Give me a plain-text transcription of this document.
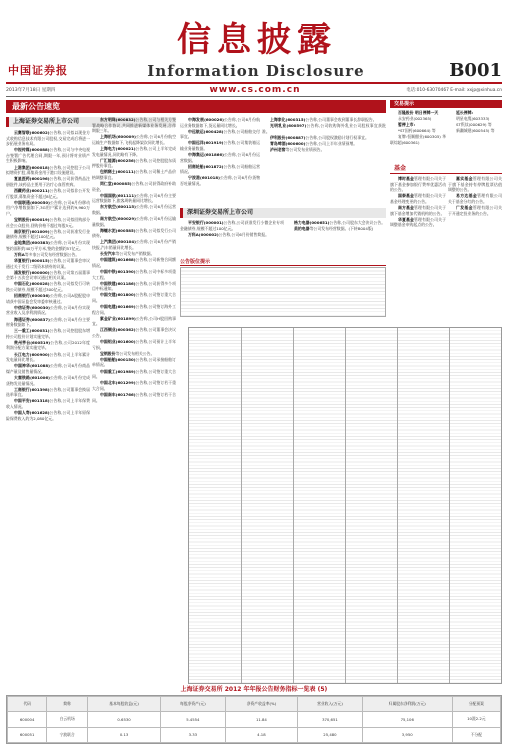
中国证券报
信息披露
Information Disclosure	B001
2013年7月18日 星期四	www.cs.com.cn	电话:010-63070467 E-mail: xxjp@xinhua.cn
最新公告速览
上海证券交易所上市公司

云赛智联(600602)公告称,公司拟以现金方式收购信息技术有限公司股权,交易完成后将进一步拓展业务布局。

中视传媒(600088)公告称,公司与中央电视台签署广告代理合同,期限一年,预计将对业绩产生积极影响。

上港集团(600018)公告称,公司控股子公司拟增资扩股,募集资金用于港口设施建设。

复星医药(600196)公告称,公司获得药品注册批件,该药品主要用于治疗心血管疾病。

西藏药业(600211)公告称,公司拟非公开发行股票,募集资金不超过8亿元。

中国联通(600050)公告称,公司6月份移动用户净增数据如下,3G用户累计达到约9,960万户。

宝钢股份(600019)公告称,公司拟回购部分社会公众股份,回购价格不超过每股5元。

南京银行(601009)公告称,公司获准发行金融债券,规模不超过100亿元。

金地集团(600383)公告称,公司6月份实现签约面积约40万平方米,签约金额约57亿元。

万科A等多家公司发布经营数据公告。

华夏银行(600015)公告称,公司董事会审议通过关于发行二级资本债券的议案。

浦发银行(600000)公告称,公司第五届董事会第十五次会议审议通过相关议案。

中国石化(600028)公告称,公司拟发行可转换公司债券,规模不超过300亿元。

招商银行(600036)公告称,公司A股配股申请获中国证监会发审委审核通过。

中信证券(600030)公告称,公司6月份实现营业收入及净利润情况。

海通证券(600837)公告称,公司6月份主要财务数据如下。

三一重工(600031)公告称,公司控股股东增持公司股份计划实施完毕。

贵州茅台(600519)公告称,公司2012年度利润分配方案实施完毕。

长江电力(600900)公告称,公司上半年累计发电量同比增长。

中国神华(601088)公告称,公司6月份商品煤产量及销售量情况。

大秦铁路(601006)公告称,公司6月份完成货物发送量情况。

工商银行(601398)公告称,公司董事会换届选举事宜。

中国平安(601318)公告称,公司上半年保费收入情况。

中国人寿(601628)公告称,公司上半年原保险保费收入约为2,080亿元。

东方明珠(600832)公告称,公司与相关方签署战略合作协议,共同推进新媒体业务发展,合作期限三年。

上海机场(600009)公告称,公司6月份航空运输生产数据如下,飞机起降架次同比增长。

上海电力(600021)公告称,公司上半年完成发电量情况,同比略有下降。

广汇能源(600256)公告称,公司控股股东质押股份事宜。

包钢稀土(600111)公告称,公司稀土产品价格调整事宜。

同仁堂(600085)公告称,公司获得政府补助资金。

中国国航(601111)公告称,公司6月份主要运营数据如下,旅客周转量同比增长。

东方航空(600115)公告称,公司6月份运营数据。

南方航空(600029)公告称,公司6月份运输量数据。

海螺水泥(600585)公告称,公司拟发行公司债券。

上汽集团(600104)公告称,公司6月份产销快报,汽车销量同比增长。

长安汽车等公司发布产销数据。

中国建筑(601668)公告称,公司新签合同额情况。

中国中铁(601390)公告称,公司中标多项重大工程。

中国铁建(601186)公告称,公司获得多个项目中标通知。

中国交建(601800)公告称,公司签订重大合同。

中国电建(601669)公告称,公司签订海外工程合同。

紫金矿业(601899)公告称,公司H股回购事宜。

江西铜业(600362)公告称,公司董事会决议公告。

中国铝业(601600)公告称,公司预计上半年亏损。

宝钢股份等公司发布相关公告。

中国船舶(600150)公告称,公司承接船舶订单情况。

中国重工(601989)公告称,公司签订重大合同。

中国北车(601299)公告称,公司签订若干重大合同。

中国南车(601766)公告称,公司签订若干合同。

中海发展(600026)公告称,公司6月份航运业务数据如下,货运量同比增长。

中远航运(600428)公告称,公司船舶交付事宜。

中国远洋(601919)公告称,公司集装箱运输业务量数据。

中海集运(601866)公告称,公司6月份运营数据。

招商轮船(601872)公告称,公司船舶运营情况。

宁波港(601018)公告称,公司6月份货物吞吐量情况。

上海家化(600315)公告称,公司董事会收到董事长辞职报告。

光明乳业(600597)公告称,公司收购海外乳业公司股权事宜获批准。

伊利股份(600887)公告称,公司股权激励计划行权事宜。

青岛啤酒(600600)公告称,公司上半年业绩预增。

泸州老窖等公司发布业绩预告。

深圳证券交易所上市公司

平安银行(000001)公告称,公司获准发行小微企业专项金融债券,规模不超过100亿元。

万科A(000002)公告称,公司6月份销售简报。

格力电器(000651)公告称,公司股东大会决议公告。

美的电器等公司发布经营数据。(下转B004版)

公告版位提示
交易提示

百隆股份 明日停牌一天

永安药业(002365)

暂停上市:

*ST国药(600664) 等

复牌:恒顺醋业(600305) 华联综超(600361)

延长停牌:

明星电缆(603333)

ST钒钛(000629) 等

新疆城建(600545) 等

基金

博时基金管理有限公司关于旗下基金参加银行费率优惠活动的公告。

国泰基金管理有限公司关于基金经理变更的公告。

南方基金管理有限公司关于旗下基金增加代销机构的公告。

华夏基金管理有限公司关于调整基金申购起点的公告。

嘉实基金管理有限公司关于旗下基金持有停牌股票估值调整的公告。

易方达基金管理有限公司关于基金分红的公告。

广发基金管理有限公司关于开通定投业务的公告。

上海证券交易所 2012 年年报公告财务指标一览表 (5)
代码	简称	基本每股收益(元)	每股净资产(元)	净资产收益率(%)	营业收入(万元)	归属股东净利润(万元)	分配预案
600004	白云机场	0.6530	5.4554	11.84	370,651	75,106	10派2.2元
600051	宁波联合	0.13	3.33	4.18	25,480	3,950	不分配
